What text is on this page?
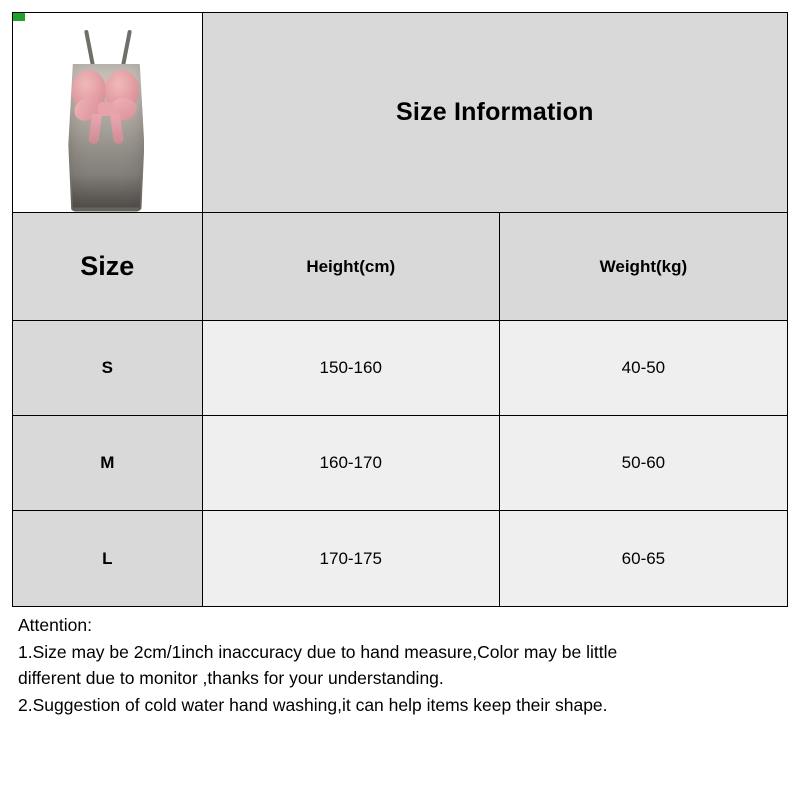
Size Information
Size	Height(cm)	Weight(kg)
S	150-160	40-50
M	160-170	50-60
L	170-175	60-65
Attention:
1.Size may be 2cm/1inch inaccuracy due to hand measure,Color may be little
different due to monitor ,thanks for your understanding.
2.Suggestion of cold water hand washing,it can help items keep their shape.
